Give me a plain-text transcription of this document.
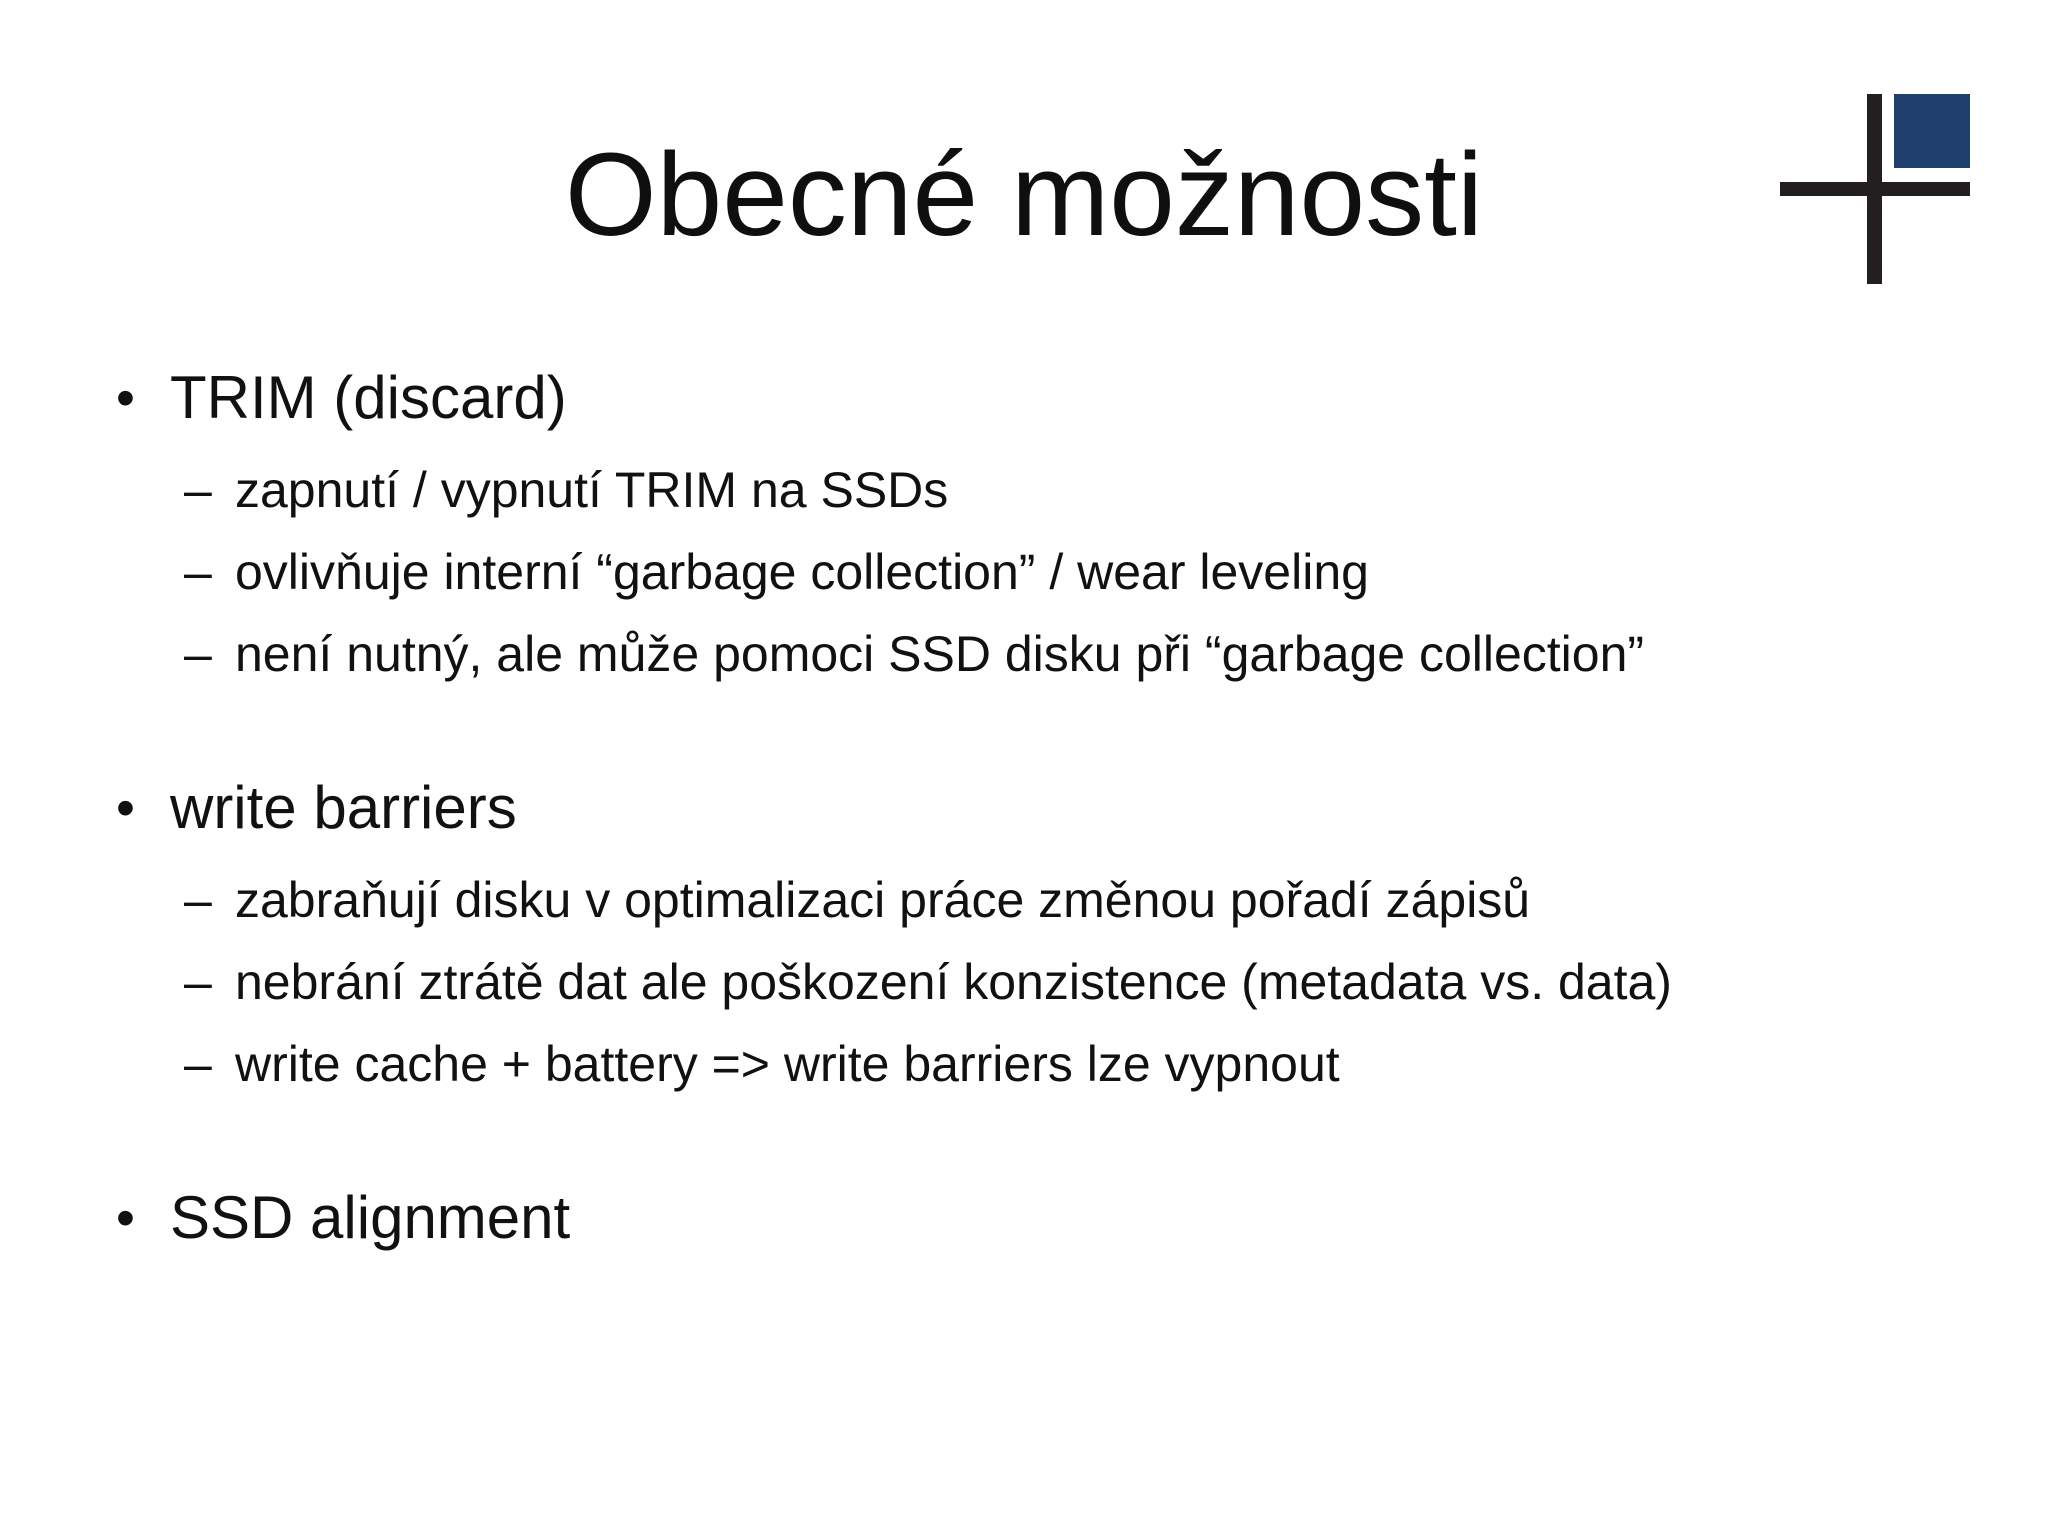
Obecné možnosti
• TRIM (discard)
– zapnutí / vypnutí TRIM na SSDs
– ovlivňuje interní “garbage collection” / wear leveling
– není nutný, ale může pomoci SSD disku při “garbage collection”
• write barriers
– zabraňují disku v optimalizaci práce změnou pořadí zápisů
– nebrání ztrátě dat ale poškození konzistence (metadata vs. data)
– write cache + battery => write barriers lze vypnout
• SSD alignment
